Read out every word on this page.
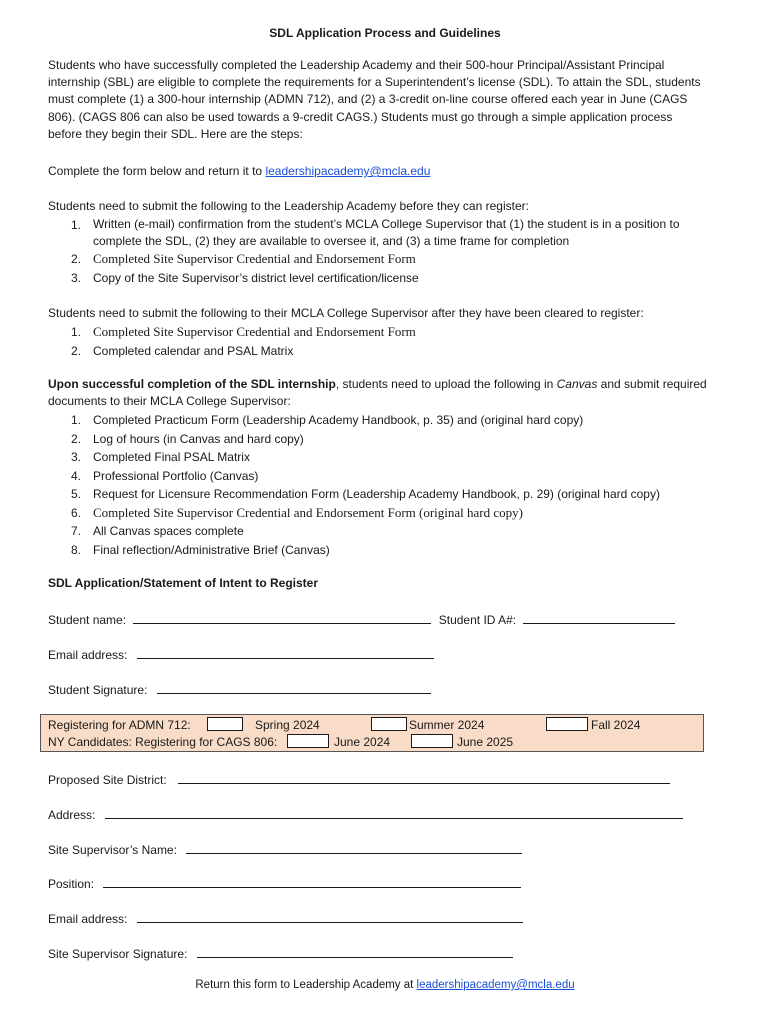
SDL Application Process and Guidelines

Students who have successfully completed the Leadership Academy and their 500-hour Principal/Assistant Principal internship (SBL) are eligible to complete the requirements for a Superintendent’s license (SDL). To attain the SDL, students must complete (1) a 300-hour internship (ADMN 712), and (2) a 3-credit on-line course offered each year in June (CAGS 806). (CAGS 806 can also be used towards a 9-credit CAGS.) Students must go through a simple application process before they begin their SDL. Here are the steps:

Complete the form below and return it to leadershipacademy@mcla.edu
Students need to submit the following to the Leadership Academy before they can register:
1. Written (e-mail) confirmation from the student’s MCLA College Supervisor that (1) the student is in a position to complete the SDL, (2) they are available to oversee it, and (3) a time frame for completion
2. Completed Site Supervisor Credential and Endorsement Form
3. Copy of the Site Supervisor’s district level certification/license
Students need to submit the following to their MCLA College Supervisor after they have been cleared to register:
1. Completed Site Supervisor Credential and Endorsement Form
2. Completed calendar and PSAL Matrix
Upon successful completion of the SDL internship, students need to upload the following in Canvas and submit required documents to their MCLA College Supervisor:
1. Completed Practicum Form (Leadership Academy Handbook, p. 35) and (original hard copy)
2. Log of hours (in Canvas and hard copy)
3. Completed Final PSAL Matrix
4. Professional Portfolio (Canvas)
5. Request for Licensure Recommendation Form (Leadership Academy Handbook, p. 29) (original hard copy)
6. Completed Site Supervisor Credential and Endorsement Form (original hard copy)
7. All Canvas spaces complete
8. Final reflection/Administrative Brief (Canvas)
SDL Application/Statement of Intent to Register
Student name:	Student ID A#:
Email address:
Student Signature:
Registering for ADMN 712:	Spring 2024	Summer 2024	Fall 2024
NY Candidates: Registering for CAGS 806:	June 2024	June 2025
Proposed Site District:
Address:
Site Supervisor’s Name:
Position:
Email address:
Site Supervisor Signature:
Return this form to Leadership Academy at leadershipacademy@mcla.edu
